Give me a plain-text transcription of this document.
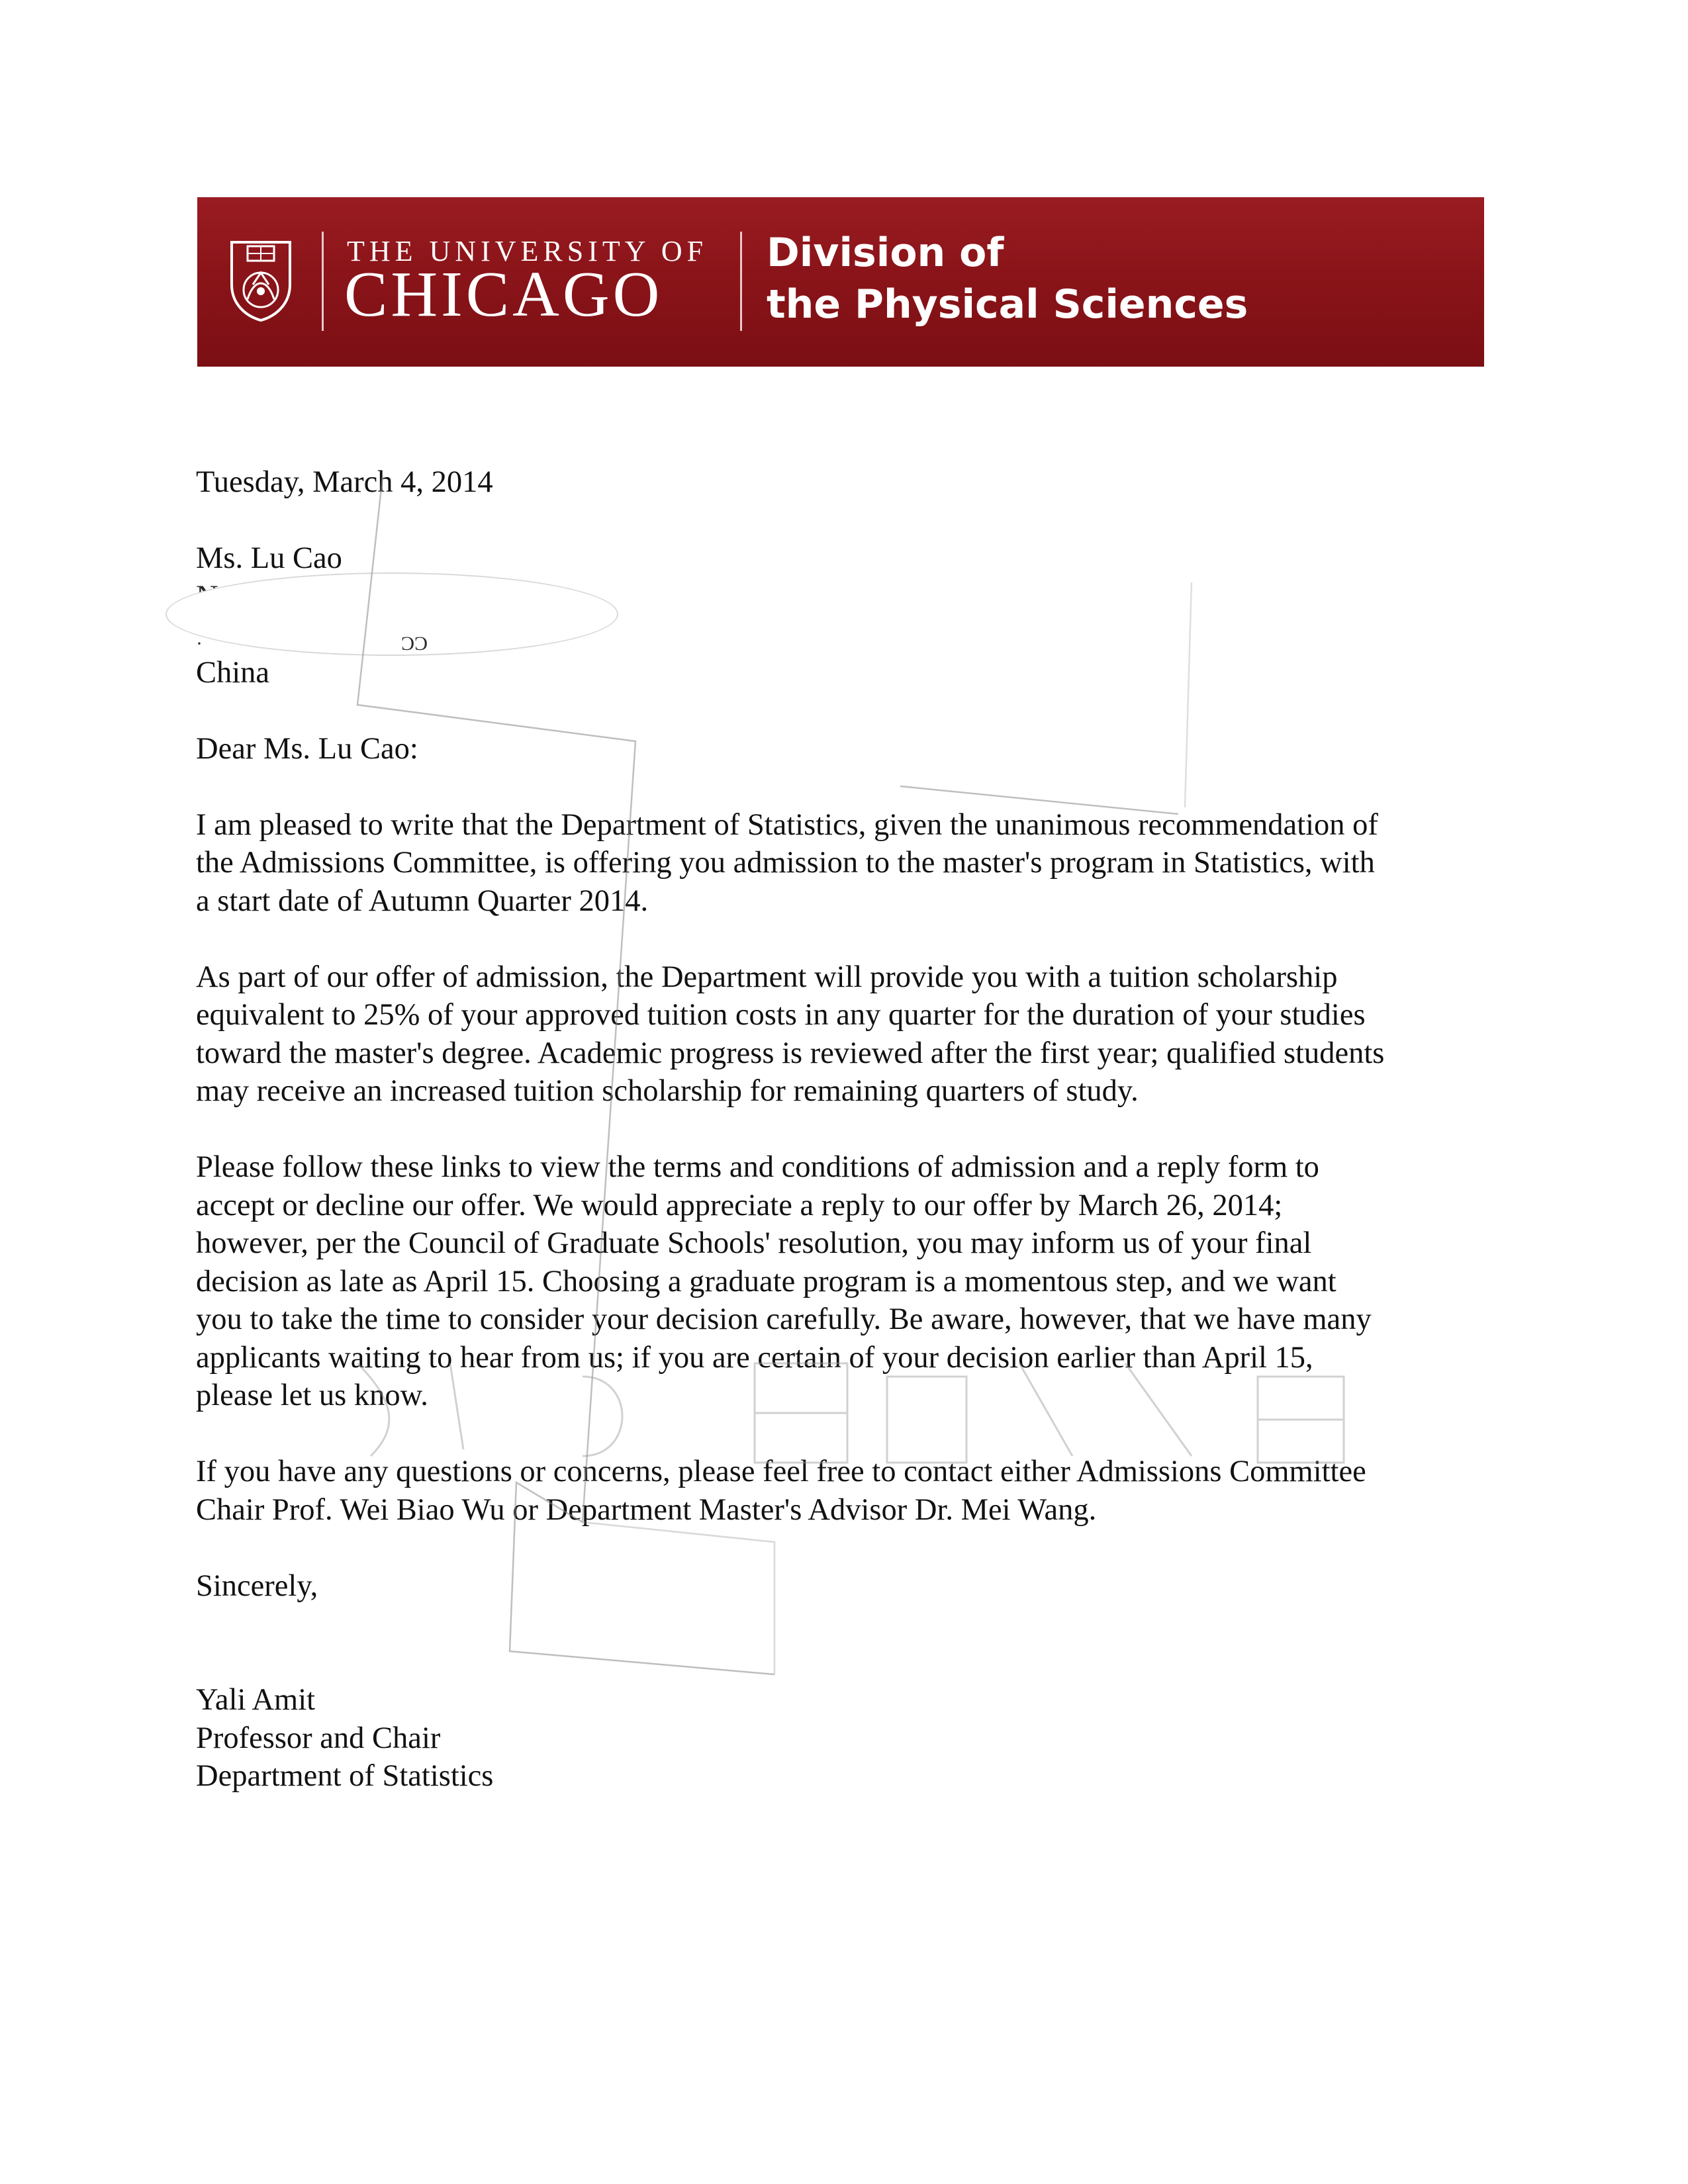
THE UNIVERSITY OF
CHICAGO
Division of
the Physical Sciences

Tuesday, March 4, 2014

Ms. Lu Cao

·                                        ƆƆ

China

Dear Ms. Lu Cao:

I am pleased to write that the Department of Statistics, given the unanimous recommendation of

the Admissions Committee, is offering you admission to the master's program in Statistics, with

a start date of Autumn Quarter 2014.

As part of our offer of admission, the Department will provide you with a tuition scholarship

equivalent to 25% of your approved tuition costs in any quarter for the duration of your studies

toward the master's degree. Academic progress is reviewed after the first year; qualified students

may receive an increased tuition scholarship for remaining quarters of study.

Please follow these links to view the terms and conditions of admission and a reply form to

accept or decline our offer. We would appreciate a reply to our offer by March 26, 2014;

however, per the Council of Graduate Schools' resolution, you may inform us of your final

decision as late as April 15. Choosing a graduate program is a momentous step, and we want

you to take the time to consider your decision carefully. Be aware, however, that we have many

applicants waiting to hear from us; if you are certain of your decision earlier than April 15,

please let us know.

If you have any questions or concerns, please feel free to contact either Admissions Committee

Chair Prof. Wei Biao Wu or Department Master's Advisor Dr. Mei Wang.

Sincerely,

Yali Amit

Professor and Chair

Department of Statistics
